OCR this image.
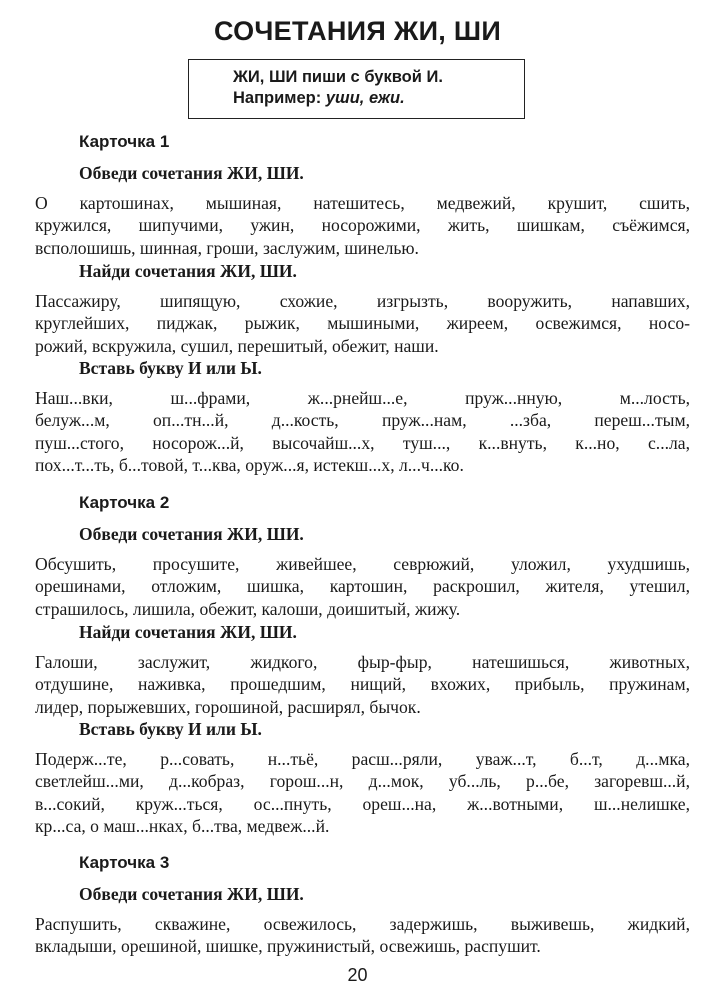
СОЧЕТАНИЯ ЖИ, ШИ
ЖИ, ШИ пиши с буквой И.
Например: уши, ежи.
Карточка 1
Обведи сочетания ЖИ, ШИ.
О картошинах, мышиная, натешитесь, медвежий, крушит, сшить,
кружился, шипучими, ужин, носорожими, жить, шишкам, съёжимся,
всполошишь, шинная, гроши, заслужим, шинелью.
Найди сочетания ЖИ, ШИ.
Пассажиру, шипящую, схожие, изгрызть, вооружить, напавших,
круглейших, пиджак, рыжик, мышиными, жиреем, освежимся, носо-
рожий, вскружила, сушил, перешитый, обежит, наши.
Вставь букву И или Ы.
Наш...вки, ш...фрами, ж...рнейш...е, пруж...нную, м...лость,
белуж...м, оп...тн...й, д...кость, пруж...нам, ...зба, переш...тым,
пуш...стого, носорож...й, высочайш...х, туш..., к...внуть, к...но, с...ла,
пох...т...ть, б...товой, т...ква, оруж...я, истекш...х, л...ч...ко.
Карточка 2
Обведи сочетания ЖИ, ШИ.
Обсушить, просушите, живейшее, севрюжий, уложил, ухудшишь,
орешинами, отложим, шишка, картошин, раскрошил, жителя, утешил,
страшилось, лишила, обежит, калоши, доишитый, жижу.
Найди сочетания ЖИ, ШИ.
Галоши, заслужит, жидкого, фыр-фыр, натешишься, животных,
отдушине, наживка, прошедшим, нищий, вхожих, прибыль, пружинам,
лидер, порыжевших, горошиной, расширял, бычок.
Вставь букву И или Ы.
Подерж...те, р...совать, н...тьё, расш...ряли, уваж...т, б...т, д...мка,
светлейш...ми, д...кобраз, горош...н, д...мок, уб...ль, р...бе, загоревш...й,
в...сокий, круж...ться, ос...пнуть, ореш...на, ж...вотными, ш...нелишке,
кр...са, о маш...нках, б...тва, медвеж...й.
Карточка 3
Обведи сочетания ЖИ, ШИ.
Распушить, скважине, освежилось, задержишь, выживешь, жидкий,
вкладыши, орешиной, шишке, пружинистый, освежишь, распушит.
20
